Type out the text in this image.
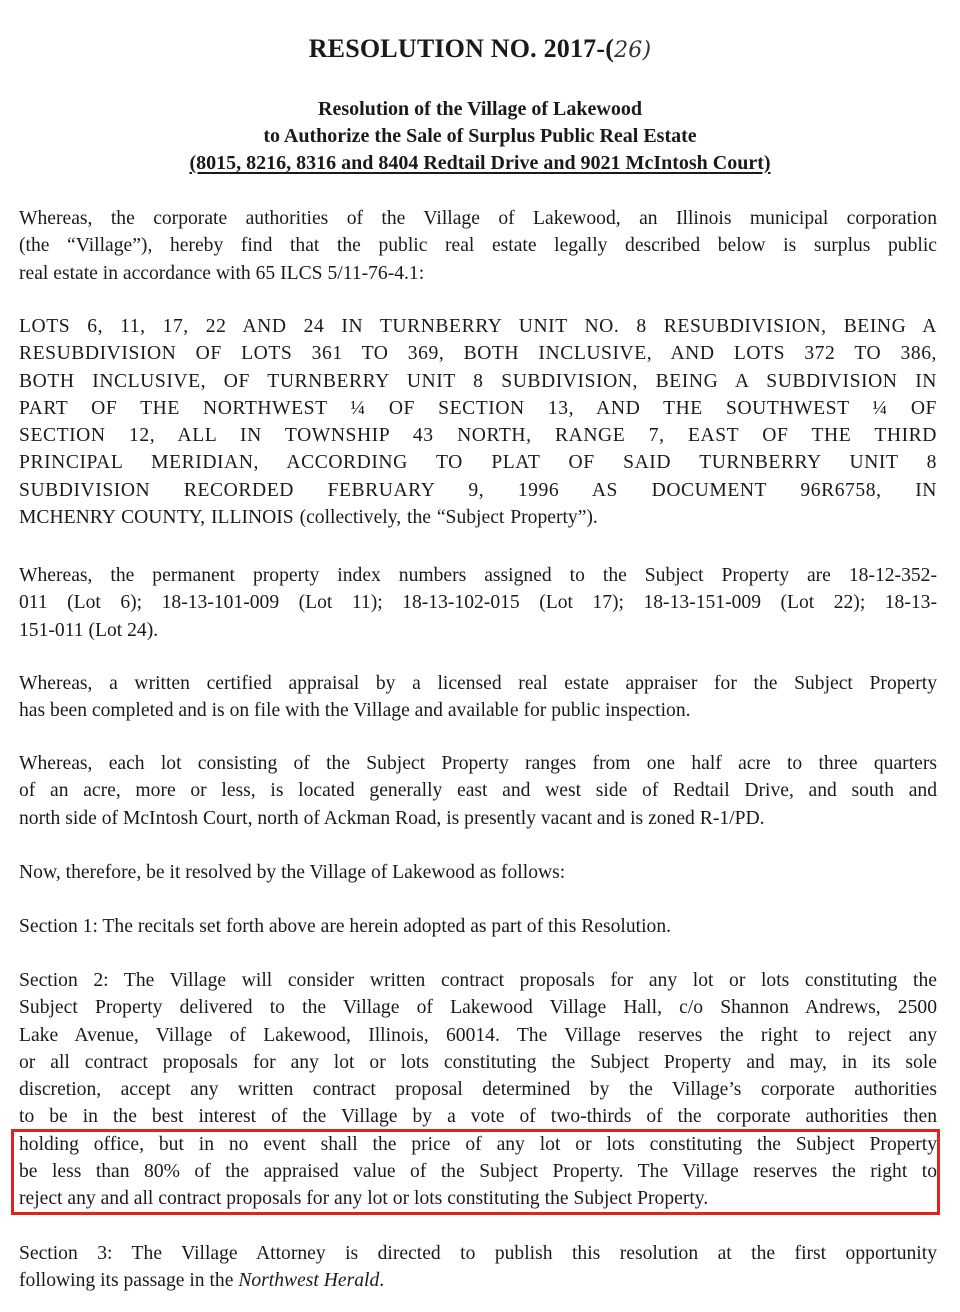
RESOLUTION NO. 2017-(26)
Resolution of the Village of Lakewood
to Authorize the Sale of Surplus Public Real Estate
(8015, 8216, 8316 and 8404 Redtail Drive and 9021 McIntosh Court)
Whereas, the corporate authorities of the Village of Lakewood, an Illinois municipal corporation
(the “Village”), hereby find that the public real estate legally described below is surplus public
real estate in accordance with 65 ILCS 5/11-76-4.1:
LOTS 6, 11, 17, 22 AND 24 IN TURNBERRY UNIT NO. 8 RESUBDIVISION, BEING A
RESUBDIVISION OF LOTS 361 TO 369, BOTH INCLUSIVE, AND LOTS 372 TO 386,
BOTH INCLUSIVE, OF TURNBERRY UNIT 8 SUBDIVISION, BEING A SUBDIVISION IN
PART OF THE NORTHWEST ¼ OF SECTION 13, AND THE SOUTHWEST ¼ OF
SECTION 12, ALL IN TOWNSHIP 43 NORTH, RANGE 7, EAST OF THE THIRD
PRINCIPAL MERIDIAN, ACCORDING TO PLAT OF SAID TURNBERRY UNIT 8
SUBDIVISION RECORDED FEBRUARY 9, 1996 AS DOCUMENT 96R6758, IN
MCHENRY COUNTY, ILLINOIS (collectively, the “Subject Property”).
Whereas, the permanent property index numbers assigned to the Subject Property are 18-12-352-
011 (Lot 6); 18-13-101-009 (Lot 11); 18-13-102-015 (Lot 17); 18-13-151-009 (Lot 22); 18-13-
151-011 (Lot 24).
Whereas, a written certified appraisal by a licensed real estate appraiser for the Subject Property
has been completed and is on file with the Village and available for public inspection.
Whereas, each lot consisting of the Subject Property ranges from one half acre to three quarters
of an acre, more or less, is located generally east and west side of Redtail Drive, and south and
north side of McIntosh Court, north of Ackman Road, is presently vacant and is zoned R-1/PD.
Now, therefore, be it resolved by the Village of Lakewood as follows:
Section 1: The recitals set forth above are herein adopted as part of this Resolution.
Section 2: The Village will consider written contract proposals for any lot or lots constituting the
Subject Property delivered to the Village of Lakewood Village Hall, c/o Shannon Andrews, 2500
Lake Avenue, Village of Lakewood, Illinois, 60014. The Village reserves the right to reject any
or all contract proposals for any lot or lots constituting the Subject Property and may, in its sole
discretion, accept any written contract proposal determined by the Village’s corporate authorities
to be in the best interest of the Village by a vote of two-thirds of the corporate authorities then
holding office, but in no event shall the price of any lot or lots constituting the Subject Property
be less than 80% of the appraised value of the Subject Property. The Village reserves the right to
reject any and all contract proposals for any lot or lots constituting the Subject Property.
Section 3: The Village Attorney is directed to publish this resolution at the first opportunity
following its passage in the Northwest Herald.
